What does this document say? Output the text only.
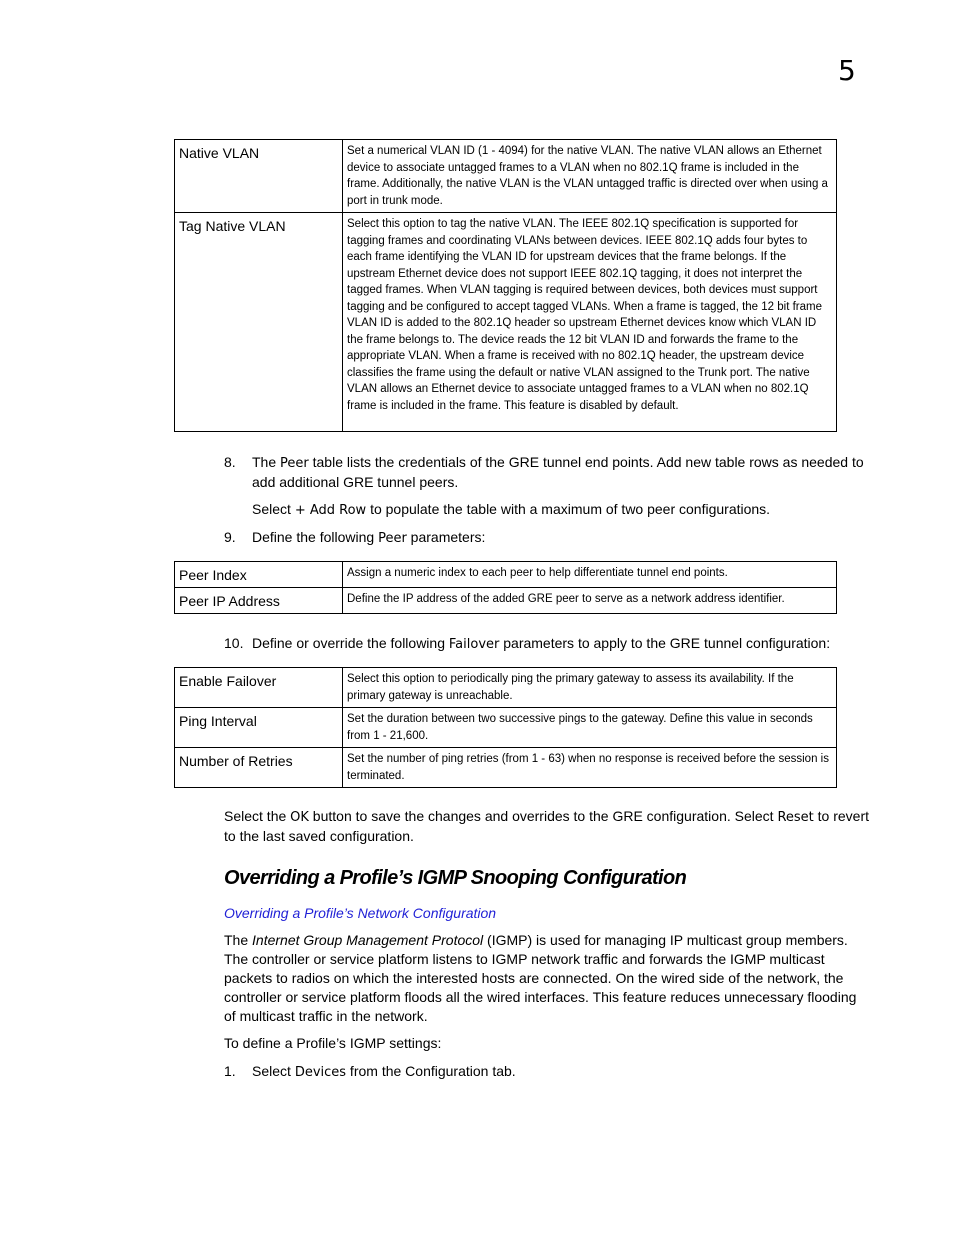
5
Native VLAN	Set a numerical VLAN ID (1 - 4094) for the native VLAN. The native VLAN allows an Ethernet device to associate untagged frames to a VLAN when no 802.1Q frame is included in the frame. Additionally, the native VLAN is the VLAN untagged traffic is directed over when using a port in trunk mode.
Tag Native VLAN	Select this option to tag the native VLAN. The IEEE 802.1Q specification is supported for tagging frames and coordinating VLANs between devices. IEEE 802.1Q adds four bytes to each frame identifying the VLAN ID for upstream devices that the frame belongs. If the upstream Ethernet device does not support IEEE 802.1Q tagging, it does not interpret the tagged frames. When VLAN tagging is required between devices, both devices must support tagging and be configured to accept tagged VLANs. When a frame is tagged, the 12 bit frame VLAN ID is added to the 802.1Q header so upstream Ethernet devices know which VLAN ID the frame belongs to. The device reads the 12 bit VLAN ID and forwards the frame to the appropriate VLAN. When a frame is received with no 802.1Q header, the upstream device classifies the frame using the default or native VLAN assigned to the Trunk port. The native VLAN allows an Ethernet device to associate untagged frames to a VLAN when no 802.1Q frame is included in the frame. This feature is disabled by default.
8. The Peer table lists the credentials of the GRE tunnel end points. Add new table rows as needed to add additional GRE tunnel peers.
Select + Add Row to populate the table with a maximum of two peer configurations.
9. Define the following Peer parameters:
Peer Index	Assign a numeric index to each peer to help differentiate tunnel end points.
Peer IP Address	Define the IP address of the added GRE peer to serve as a network address identifier.
10. Define or override the following Failover parameters to apply to the GRE tunnel configuration:
Enable Failover	Select this option to periodically ping the primary gateway to assess its availability. If the primary gateway is unreachable.
Ping Interval	Set the duration between two successive pings to the gateway. Define this value in seconds from 1 - 21,600.
Number of Retries	Set the number of ping retries (from 1 - 63) when no response is received before the session is terminated.
Select the OK button to save the changes and overrides to the GRE configuration. Select Reset to revert to the last saved configuration.
Overriding a Profile’s IGMP Snooping Configuration
Overriding a Profile’s Network Configuration
The Internet Group Management Protocol (IGMP) is used for managing IP multicast group members. The controller or service platform listens to IGMP network traffic and forwards the IGMP multicast packets to radios on which the interested hosts are connected. On the wired side of the network, the controller or service platform floods all the wired interfaces. This feature reduces unnecessary flooding of multicast traffic in the network.
To define a Profile’s IGMP settings:
1. Select Devices from the Configuration tab.
